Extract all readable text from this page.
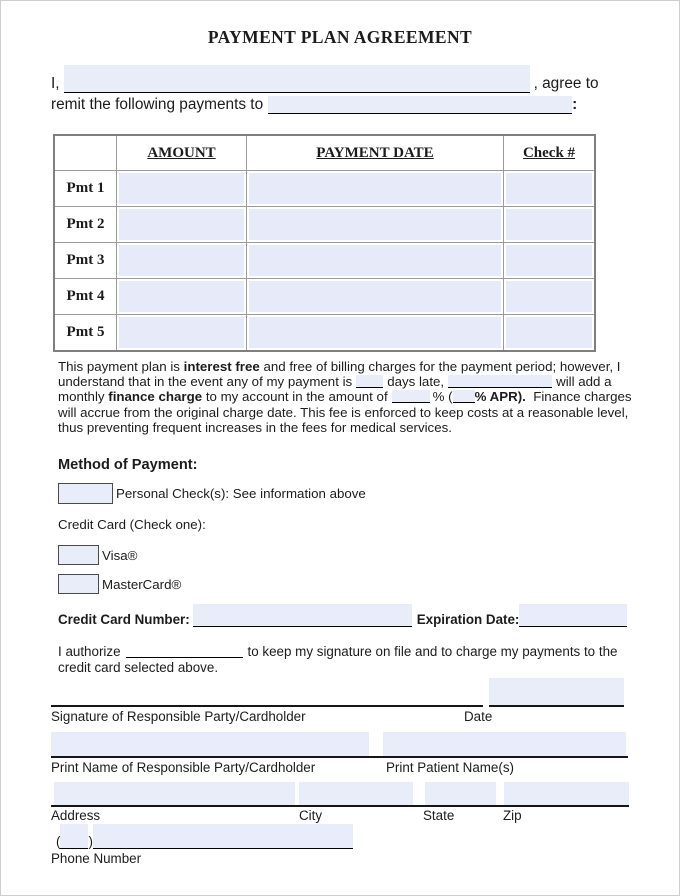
PAYMENT PLAN AGREEMENT
I,	, agree to
remit the following payments to	:
	AMOUNT	PAYMENT DATE	Check #
Pmt 1			
Pmt 2			
Pmt 3			
Pmt 4			
Pmt 5			
This payment plan is interest free and free of billing charges for the payment period; however, I
understand that in the event any of my payment is	days late,	will add a
monthly finance charge to my account in the amount of	% ( % APR). Finance charges
will accrue from the original charge date. This fee is enforced to keep costs at a reasonable level,
thus preventing frequent increases in the fees for medical services.
Method of Payment:
Personal Check(s): See information above
Credit Card (Check one):
Visa®
MasterCard®
Credit Card Number:	Expiration Date:
I authorize	to keep my signature on file and to charge my payments to the
credit card selected above.
Signature of Responsible Party/Cardholder	Date
Print Name of Responsible Party/Cardholder	Print Patient Name(s)
Address	City	State	Zip
( )
Phone Number
